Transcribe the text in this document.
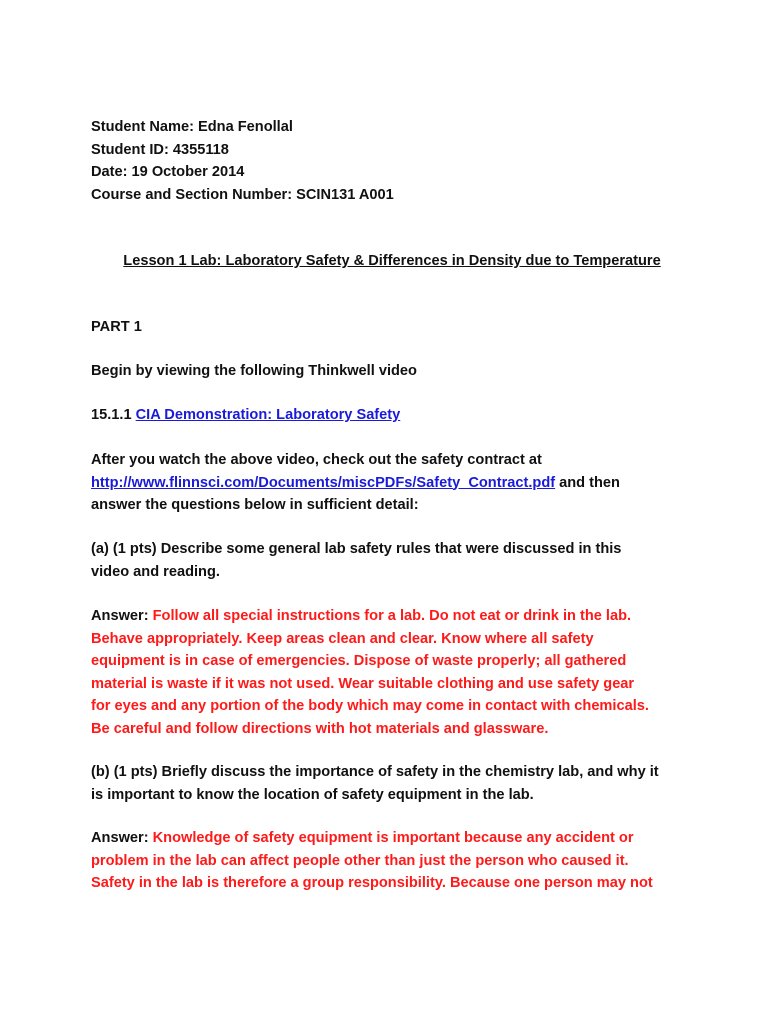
Student Name: Edna Fenollal

Student ID: 4355118

Date: 19 October 2014

Course and Section Number: SCIN131 A001

Lesson 1 Lab: Laboratory Safety & Differences in Density due to Temperature

PART 1

Begin by viewing the following Thinkwell video

15.1.1 CIA Demonstration: Laboratory Safety

After you watch the above video, check out the safety contract at

http://www.flinnsci.com/Documents/miscPDFs/Safety_Contract.pdf and then

answer the questions below in sufficient detail:

(a) (1 pts) Describe some general lab safety rules that were discussed in this

video and reading.

Answer: Follow all special instructions for a lab. Do not eat or drink in the lab.

Behave appropriately. Keep areas clean and clear. Know where all safety

equipment is in case of emergencies. Dispose of waste properly; all gathered

material is waste if it was not used. Wear suitable clothing and use safety gear

for eyes and any portion of the body which may come in contact with chemicals.

Be careful and follow directions with hot materials and glassware.

(b) (1 pts) Briefly discuss the importance of safety in the chemistry lab, and why it

is important to know the location of safety equipment in the lab.

Answer: Knowledge of safety equipment is important because any accident or

problem in the lab can affect people other than just the person who caused it.

Safety in the lab is therefore a group responsibility. Because one person may not
